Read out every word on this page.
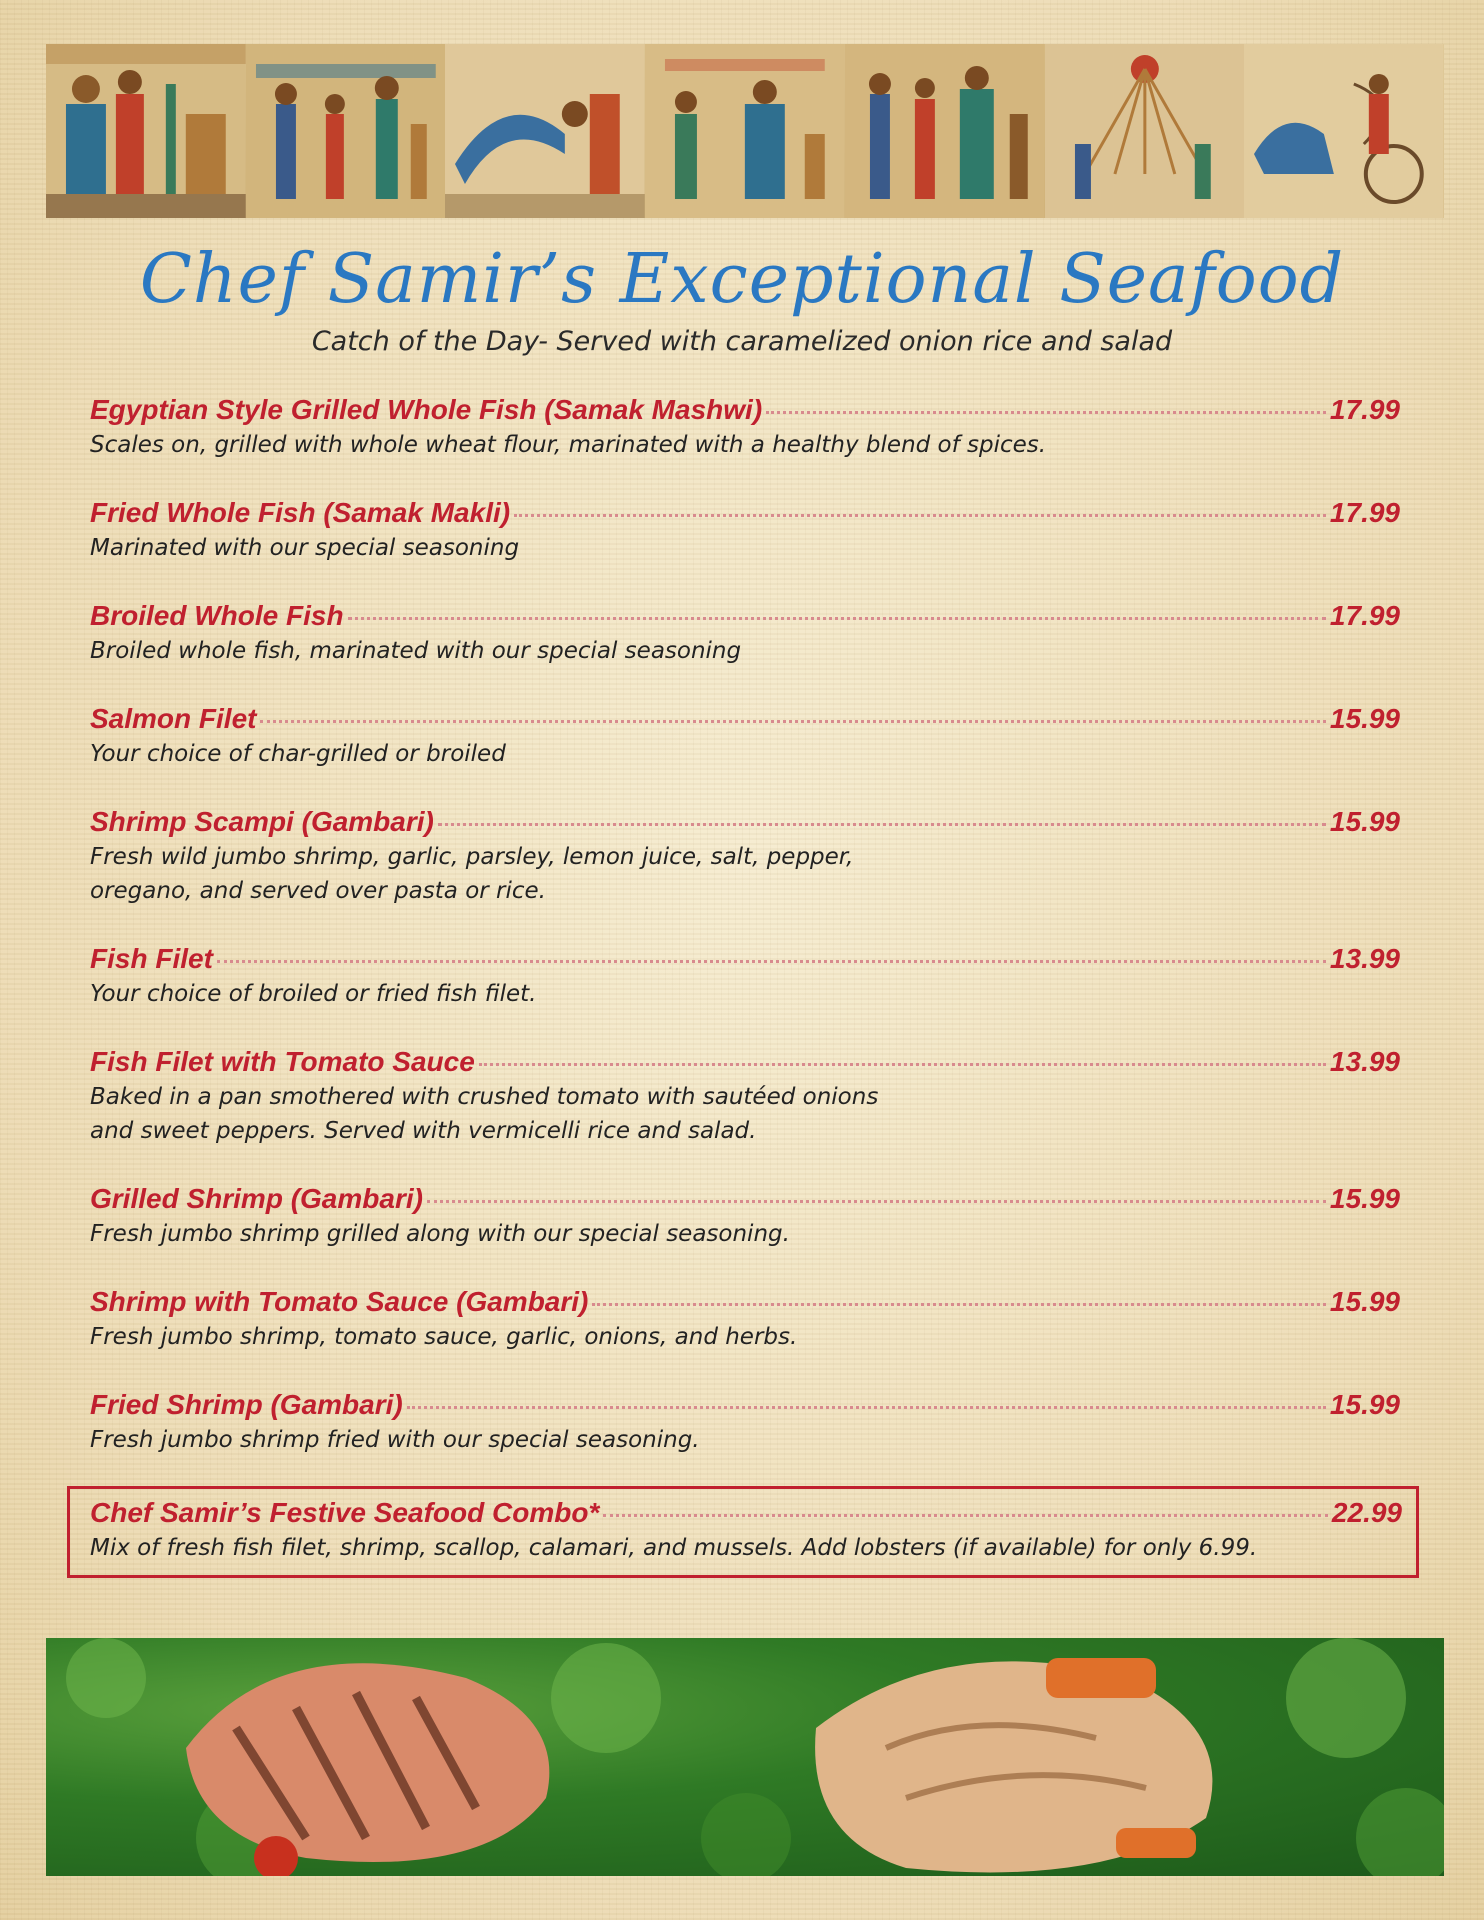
Chef Samir’s Exceptional Seafood

Catch of the Day- Served with caramelized onion rice and salad

Egyptian Style Grilled Whole Fish (Samak Mashwi)	17.99
Scales on, grilled with whole wheat flour, marinated with a healthy blend of spices.
Fried Whole Fish (Samak Makli)	17.99
Marinated with our special seasoning
Broiled Whole Fish	17.99
Broiled whole fish, marinated with our special seasoning
Salmon Filet	15.99
Your choice of char-grilled or broiled
Shrimp Scampi (Gambari)	15.99
Fresh wild jumbo shrimp, garlic, parsley, lemon juice, salt, pepper,
oregano, and served over pasta or rice.
Fish Filet	13.99
Your choice of broiled or fried fish filet.
Fish Filet with Tomato Sauce	13.99
Baked in a pan smothered with crushed tomato with sautéed onions
and sweet peppers. Served with vermicelli rice and salad.
Grilled Shrimp (Gambari)	15.99
Fresh jumbo shrimp grilled along with our special seasoning.
Shrimp with Tomato Sauce (Gambari)	15.99
Fresh jumbo shrimp, tomato sauce, garlic, onions, and herbs.
Fried Shrimp (Gambari)	15.99
Fresh jumbo shrimp fried with our special seasoning.
Chef Samir’s Festive Seafood Combo*	22.99
Mix of fresh fish filet, shrimp, scallop, calamari, and mussels. Add lobsters (if available) for only 6.99.
